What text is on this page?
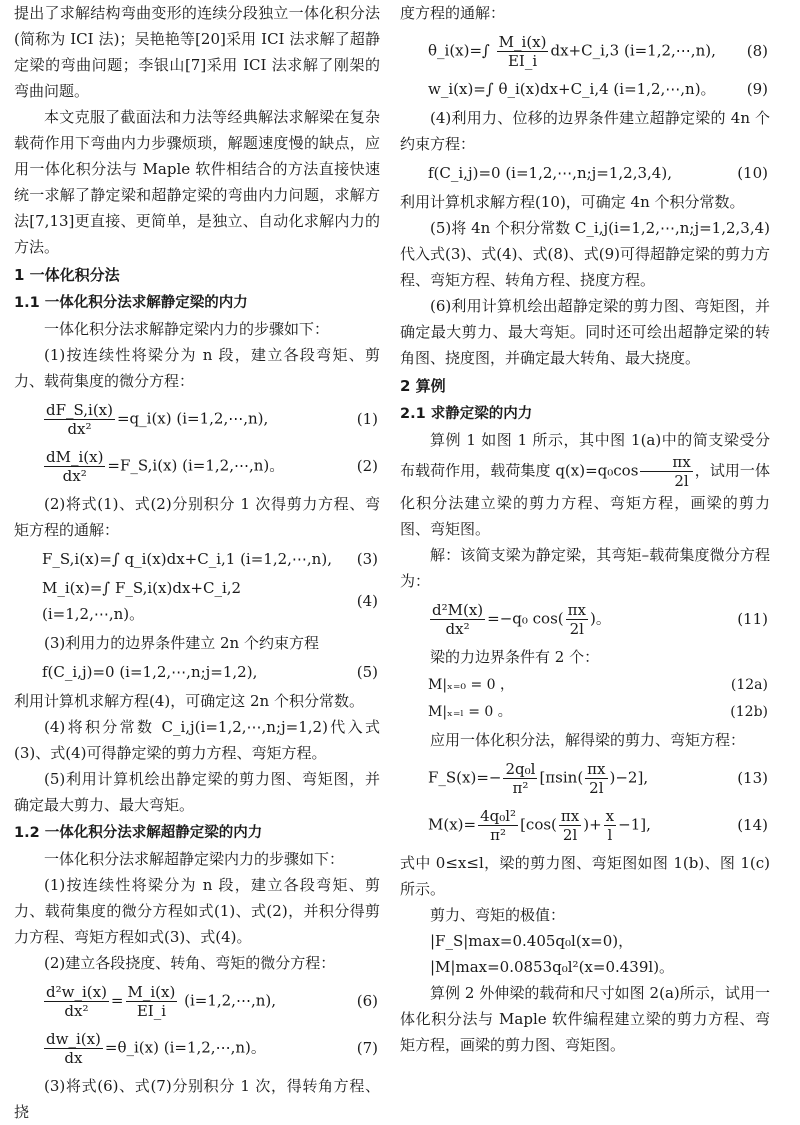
提出了求解结构弯曲变形的连续分段独立一体化积分法(简称为 ICI 法)；吴艳艳等[20]采用 ICI 法求解了超静定梁的弯曲问题；李银山[7]采用 ICI 法求解了刚架的弯曲问题。

本文克服了截面法和力法等经典解法求解梁在复杂载荷作用下弯曲内力步骤烦琐，解题速度慢的缺点，应用一体化积分法与 Maple 软件相结合的方法直接快速统一求解了静定梁和超静定梁的弯曲内力问题，求解方法[7,13]更直接、更简单，是独立、自动化求解内力的方法。

1 一体化积分法
1.1 一体化积分法求解静定梁的内力

一体化积分法求解静定梁内力的步骤如下：

(1)按连续性将梁分为 n 段，建立各段弯矩、剪力、载荷集度的微分方程：

$\frac{dF\_S,i(x)}{\text{dx²}}$ =q_i(x) (i=1,2,⋯,n),	(1)
$\frac{dM\_i(x)}{\text{dx²}}$ =F_S,i(x) (i=1,2,⋯,n)。	(2)

(2)将式(1)、式(2)分别积分 1 次得剪力方程、弯矩方程的通解：

F_S,i(x)=∫ q_i(x)dx+C_i,1 (i=1,2,⋯,n),	(3)
M_i(x)=∫ F_S,i(x)dx+C_i,2 (i=1,2,⋯,n)。
(4)

(3)利用力的边界条件建立 2n 个约束方程

f(C_i,j)=0 (i=1,2,⋯,n;j=1,2),	(5)

利用计算机求解方程(4)，可确定这 2n 个积分常数。

(4)将积分常数 C_i,j(i=1,2,⋯,n;j=1,2)代入式(3)、式(4)可得静定梁的剪力方程、弯矩方程。

(5)利用计算机绘出静定梁的剪力图、弯矩图，并确定最大剪力、最大弯矩。

1.2 一体化积分法求解超静定梁的内力

一体化积分法求解超静定梁内力的步骤如下：

(1)按连续性将梁分为 n 段，建立各段弯矩、剪力、载荷集度的微分方程如式(1)、式(2)，并积分得剪力方程、弯矩方程如式(3)、式(4)。

(2)建立各段挠度、转角、弯矩的微分方程：

$\frac{\text{d²w\_i(x)}}{\text{dx²}} = \frac{M\_i(x)}{EI\_i}$ (i=1,2,⋯,n),	(6)
$\frac{dw\_i(x)}{dx}$ =θ_i(x) (i=1,2,⋯,n)。	(7)

(3)将式(6)、式(7)分别积分 1 次，得转角方程、挠

度方程的通解：

θ_i(x)=∫ $\frac{M\_i(x)}{EI\_i}$ dx+C_i,3 (i=1,2,⋯,n),	(8)
w_i(x)=∫ θ_i(x)dx+C_i,4 (i=1,2,⋯,n)。	(9)

(4)利用力、位移的边界条件建立超静定梁的 4n 个约束方程：

f(C_i,j)=0 (i=1,2,⋯,n;j=1,2,3,4),	(10)

利用计算机求解方程(10)，可确定 4n 个积分常数。

(5)将 4n 个积分常数 C_i,j(i=1,2,⋯,n;j=1,2,3,4)代入式(3)、式(4)、式(8)、式(9)可得超静定梁的剪力方程、弯矩方程、转角方程、挠度方程。

(6)利用计算机绘出超静定梁的剪力图、弯矩图，并确定最大剪力、最大弯矩。同时还可绘出超静定梁的转角图、挠度图，并确定最大转角、最大挠度。

2 算例
2.1 求静定梁的内力

算例 1 如图 1 所示，其中图 1(a)中的简支梁受分布载荷作用，载荷集度 $q(x)=q_0\cos \frac{\pi x}{2l}$ ，试用一体化积分法建立梁的剪力方程、弯矩方程，画梁的剪力图、弯矩图。

解：该简支梁为静定梁，其弯矩–载荷集度微分方程为：

$\frac{\text{d²M(x)}}{\text{dx²}} =-q_0$ $\cos( \frac{\pi x}{2l}$ )。	(11)

梁的力边界条件有 2 个：

M|ₓ₌₀ = 0 ，	(12a)
M|ₓ₌ₗ = 0 。	(12b)

应用一体化积分法，解得梁的剪力、弯矩方程：

F_S(x)=− $\frac{\text{2q₀l}}{\text{π²}} [\pi\sin( \frac{\pi x}{2l} )-2]$,	(13)
$M(x)= \frac{\text{4q₀l²}}{\text{π²}} [\cos( \frac{\pi x}{2l}$ )+ $\frac{x}{l} -1$],	(14)

式中 0≤x≤l，梁的剪力图、弯矩图如图 1(b)、图 1(c)所示。

剪力、弯矩的极值：

|F_S|max=0.405q₀l(x=0)，

|M|max=0.0853q₀l²(x=0.439l)。

算例 2 外伸梁的载荷和尺寸如图 2(a)所示，试用一体化积分法与 Maple 软件编程建立梁的剪力方程、弯矩方程，画梁的剪力图、弯矩图。
